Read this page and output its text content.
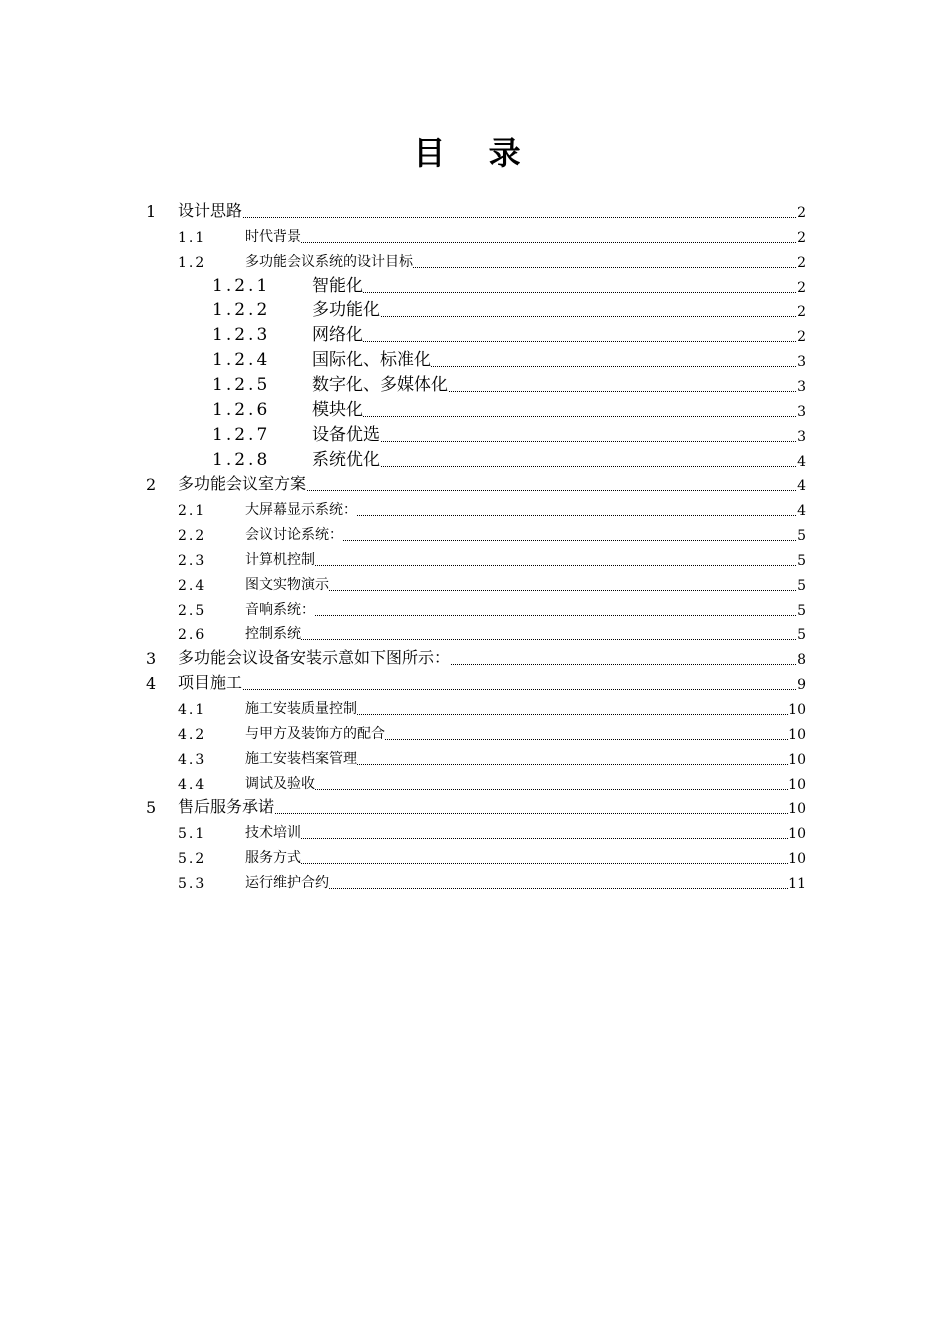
目 录
1 设计思路	2
1.1	时代背景	2
1.2	多功能会议系统的设计目标	2
1.2.1 智能化	2
1.2.2 多功能化	2
1.2.3 网络化	2
1.2.4 国际化、标准化	3
1.2.5 数字化、多媒体化	3
1.2.6 模块化	3
1.2.7 设备优选	3
1.2.8 系统优化	4
2 多功能会议室方案	4
2.1	大屏幕显示系统：	4
2.2	会议讨论系统：	5
2.3	计算机控制	5
2.4	图文实物演示	5
2.5	音响系统：	5
2.6	控制系统	5
3 多功能会议设备安装示意如下图所示：	8
4 项目施工	9
4.1	施工安装质量控制	10
4.2	与甲方及装饰方的配合	10
4.3	施工安装档案管理	10
4.4	调试及验收	10
5 售后服务承诺	10
5.1	技术培训	10
5.2	服务方式	10
5.3	运行维护合约	11
